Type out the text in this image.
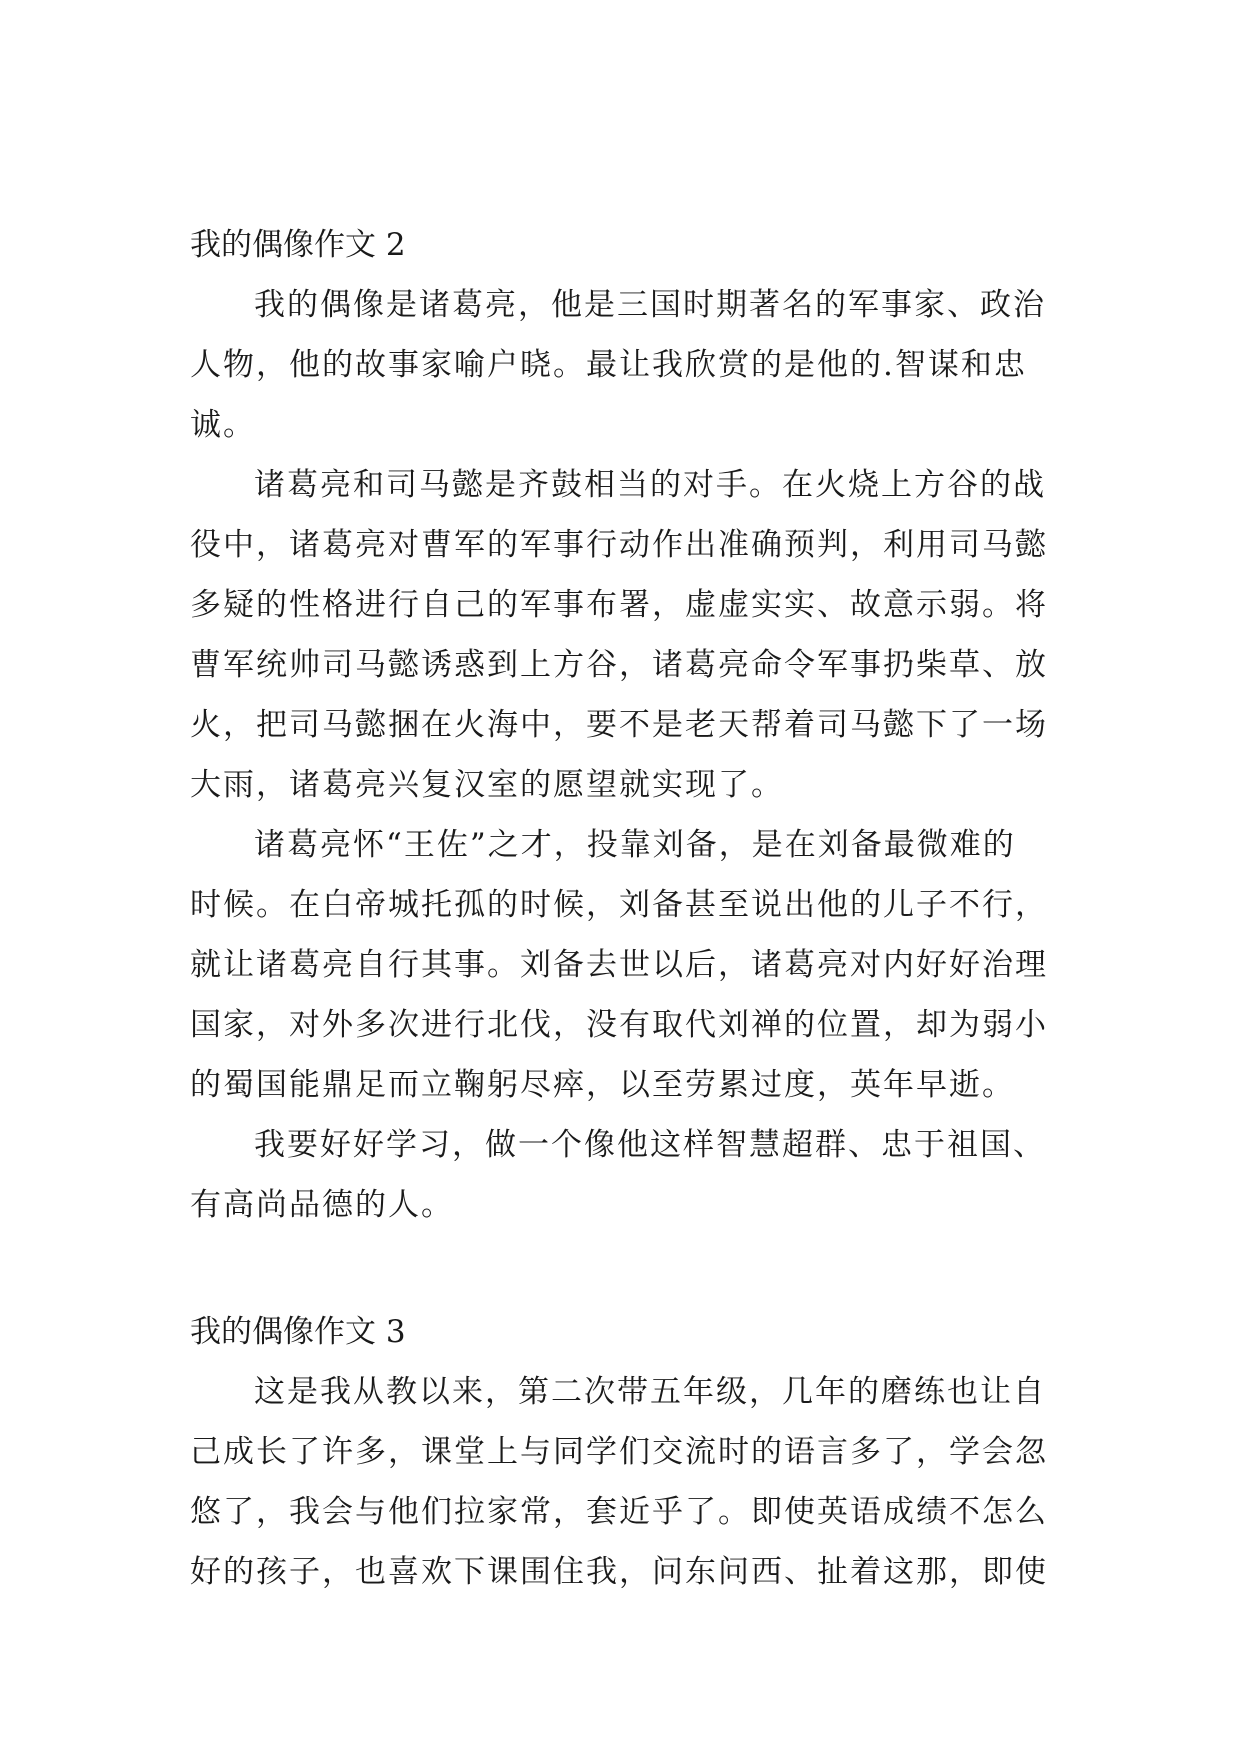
我的偶像作文 2

我的偶像是诸葛亮，他是三国时期著名的军事家、政治
人物，他的故事家喻户晓。最让我欣赏的是他的.智谋和忠
诚。

诸葛亮和司马懿是齐鼓相当的对手。在火烧上方谷的战
役中，诸葛亮对曹军的军事行动作出准确预判，利用司马懿
多疑的性格进行自己的军事布署，虚虚实实、故意示弱。将
曹军统帅司马懿诱惑到上方谷，诸葛亮命令军事扔柴草、放
火，把司马懿捆在火海中，要不是老天帮着司马懿下了一场
大雨，诸葛亮兴复汉室的愿望就实现了。

诸葛亮怀“王佐”之才，投靠刘备，是在刘备最微难的
时候。在白帝城托孤的时候，刘备甚至说出他的儿子不行，
就让诸葛亮自行其事。刘备去世以后，诸葛亮对内好好治理
国家，对外多次进行北伐，没有取代刘禅的位置，却为弱小
的蜀国能鼎足而立鞠躬尽瘁，以至劳累过度，英年早逝。

我要好好学习，做一个像他这样智慧超群、忠于祖国、
有高尚品德的人。

我的偶像作文 3

这是我从教以来，第二次带五年级，几年的磨练也让自
己成长了许多，课堂上与同学们交流时的语言多了，学会忽
悠了，我会与他们拉家常，套近乎了。即使英语成绩不怎么
好的孩子，也喜欢下课围住我，问东问西、扯着这那，即使
